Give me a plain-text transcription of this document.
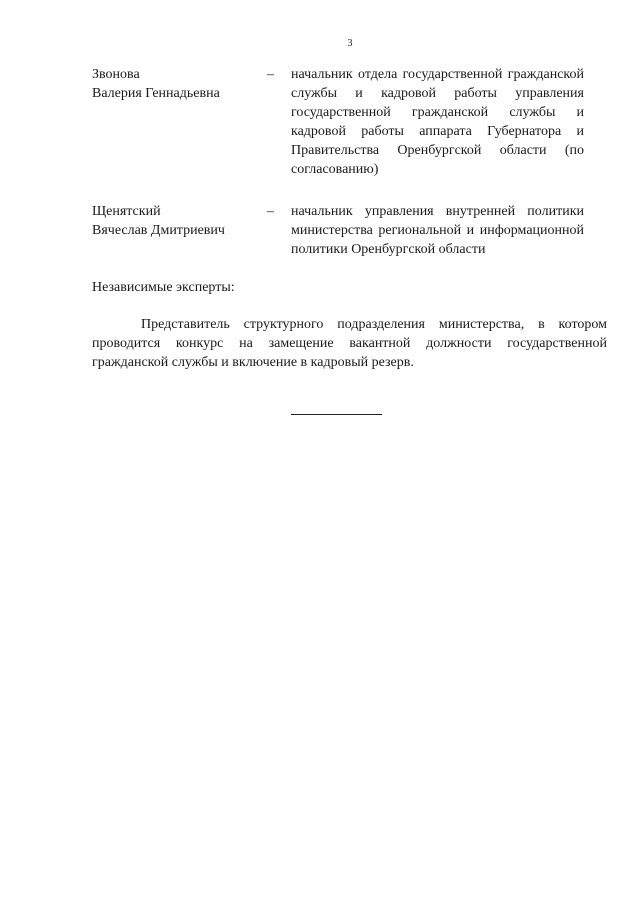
3
Звонова
Валерия Геннадьевна
–	начальник отдела государственной гражданской службы и кадровой работы управления государственной гражданской службы и кадровой работы аппарата Губернатора и Правительства Оренбургской области (по согласованию)
Щенятский
Вячеслав Дмитриевич
–	начальник управления внутренней политики министерства региональной и информационной политики Оренбургской области
Независимые эксперты:
Представитель структурного подразделения министерства, в котором проводится конкурс на замещение вакантной должности государственной гражданской службы и включение в кадровый резерв.
